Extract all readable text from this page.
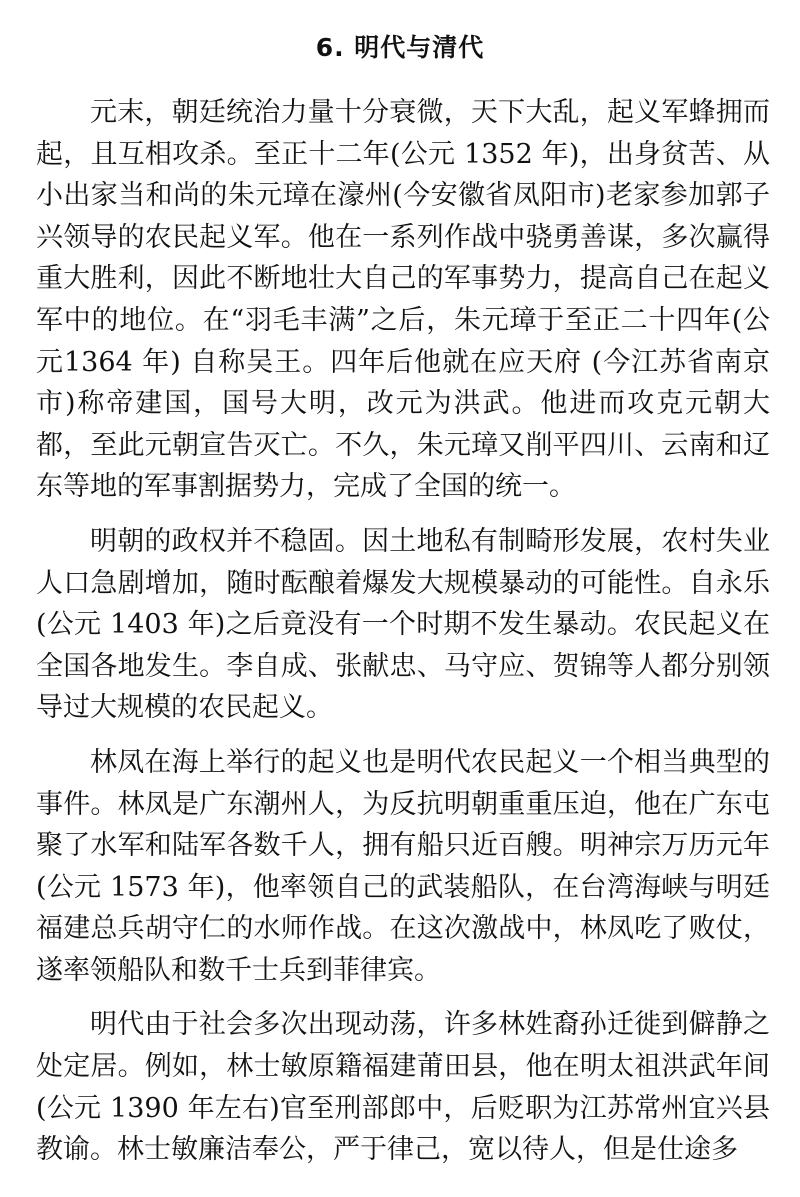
6. 明代与清代

元末，朝廷统治力量十分衰微，天下大乱，起义军蜂拥而起，且互相攻杀。至正十二年(公元 1352 年)，出身贫苦、从小出家当和尚的朱元璋在濠州(今安徽省凤阳市)老家参加郭子兴领导的农民起义军。他在一系列作战中骁勇善谋，多次赢得重大胜利，因此不断地壮大自己的军事势力，提高自己在起义军中的地位。在“羽毛丰满”之后，朱元璋于至正二十四年(公元1364 年) 自称吴王。四年后他就在应天府 (今江苏省南京市)称帝建国，国号大明，改元为洪武。他进而攻克元朝大都，至此元朝宣告灭亡。不久，朱元璋又削平四川、云南和辽东等地的军事割据势力，完成了全国的统一。

明朝的政权并不稳固。因土地私有制畸形发展，农村失业人口急剧增加，随时酝酿着爆发大规模暴动的可能性。自永乐(公元 1403 年)之后竟没有一个时期不发生暴动。农民起义在全国各地发生。李自成、张献忠、马守应、贺锦等人都分别领导过大规模的农民起义。

林凤在海上举行的起义也是明代农民起义一个相当典型的事件。林凤是广东潮州人，为反抗明朝重重压迫，他在广东屯聚了水军和陆军各数千人，拥有船只近百艘。明神宗万历元年(公元 1573 年)，他率领自己的武装船队，在台湾海峡与明廷福建总兵胡守仁的水师作战。在这次激战中，林凤吃了败仗，遂率领船队和数千士兵到菲律宾。

明代由于社会多次出现动荡，许多林姓裔孙迁徙到僻静之处定居。例如，林士敏原籍福建莆田县，他在明太祖洪武年间(公元 1390 年左右)官至刑部郎中，后贬职为江苏常州宜兴县教谕。林士敏廉洁奉公，严于律己，宽以待人，但是仕途多
